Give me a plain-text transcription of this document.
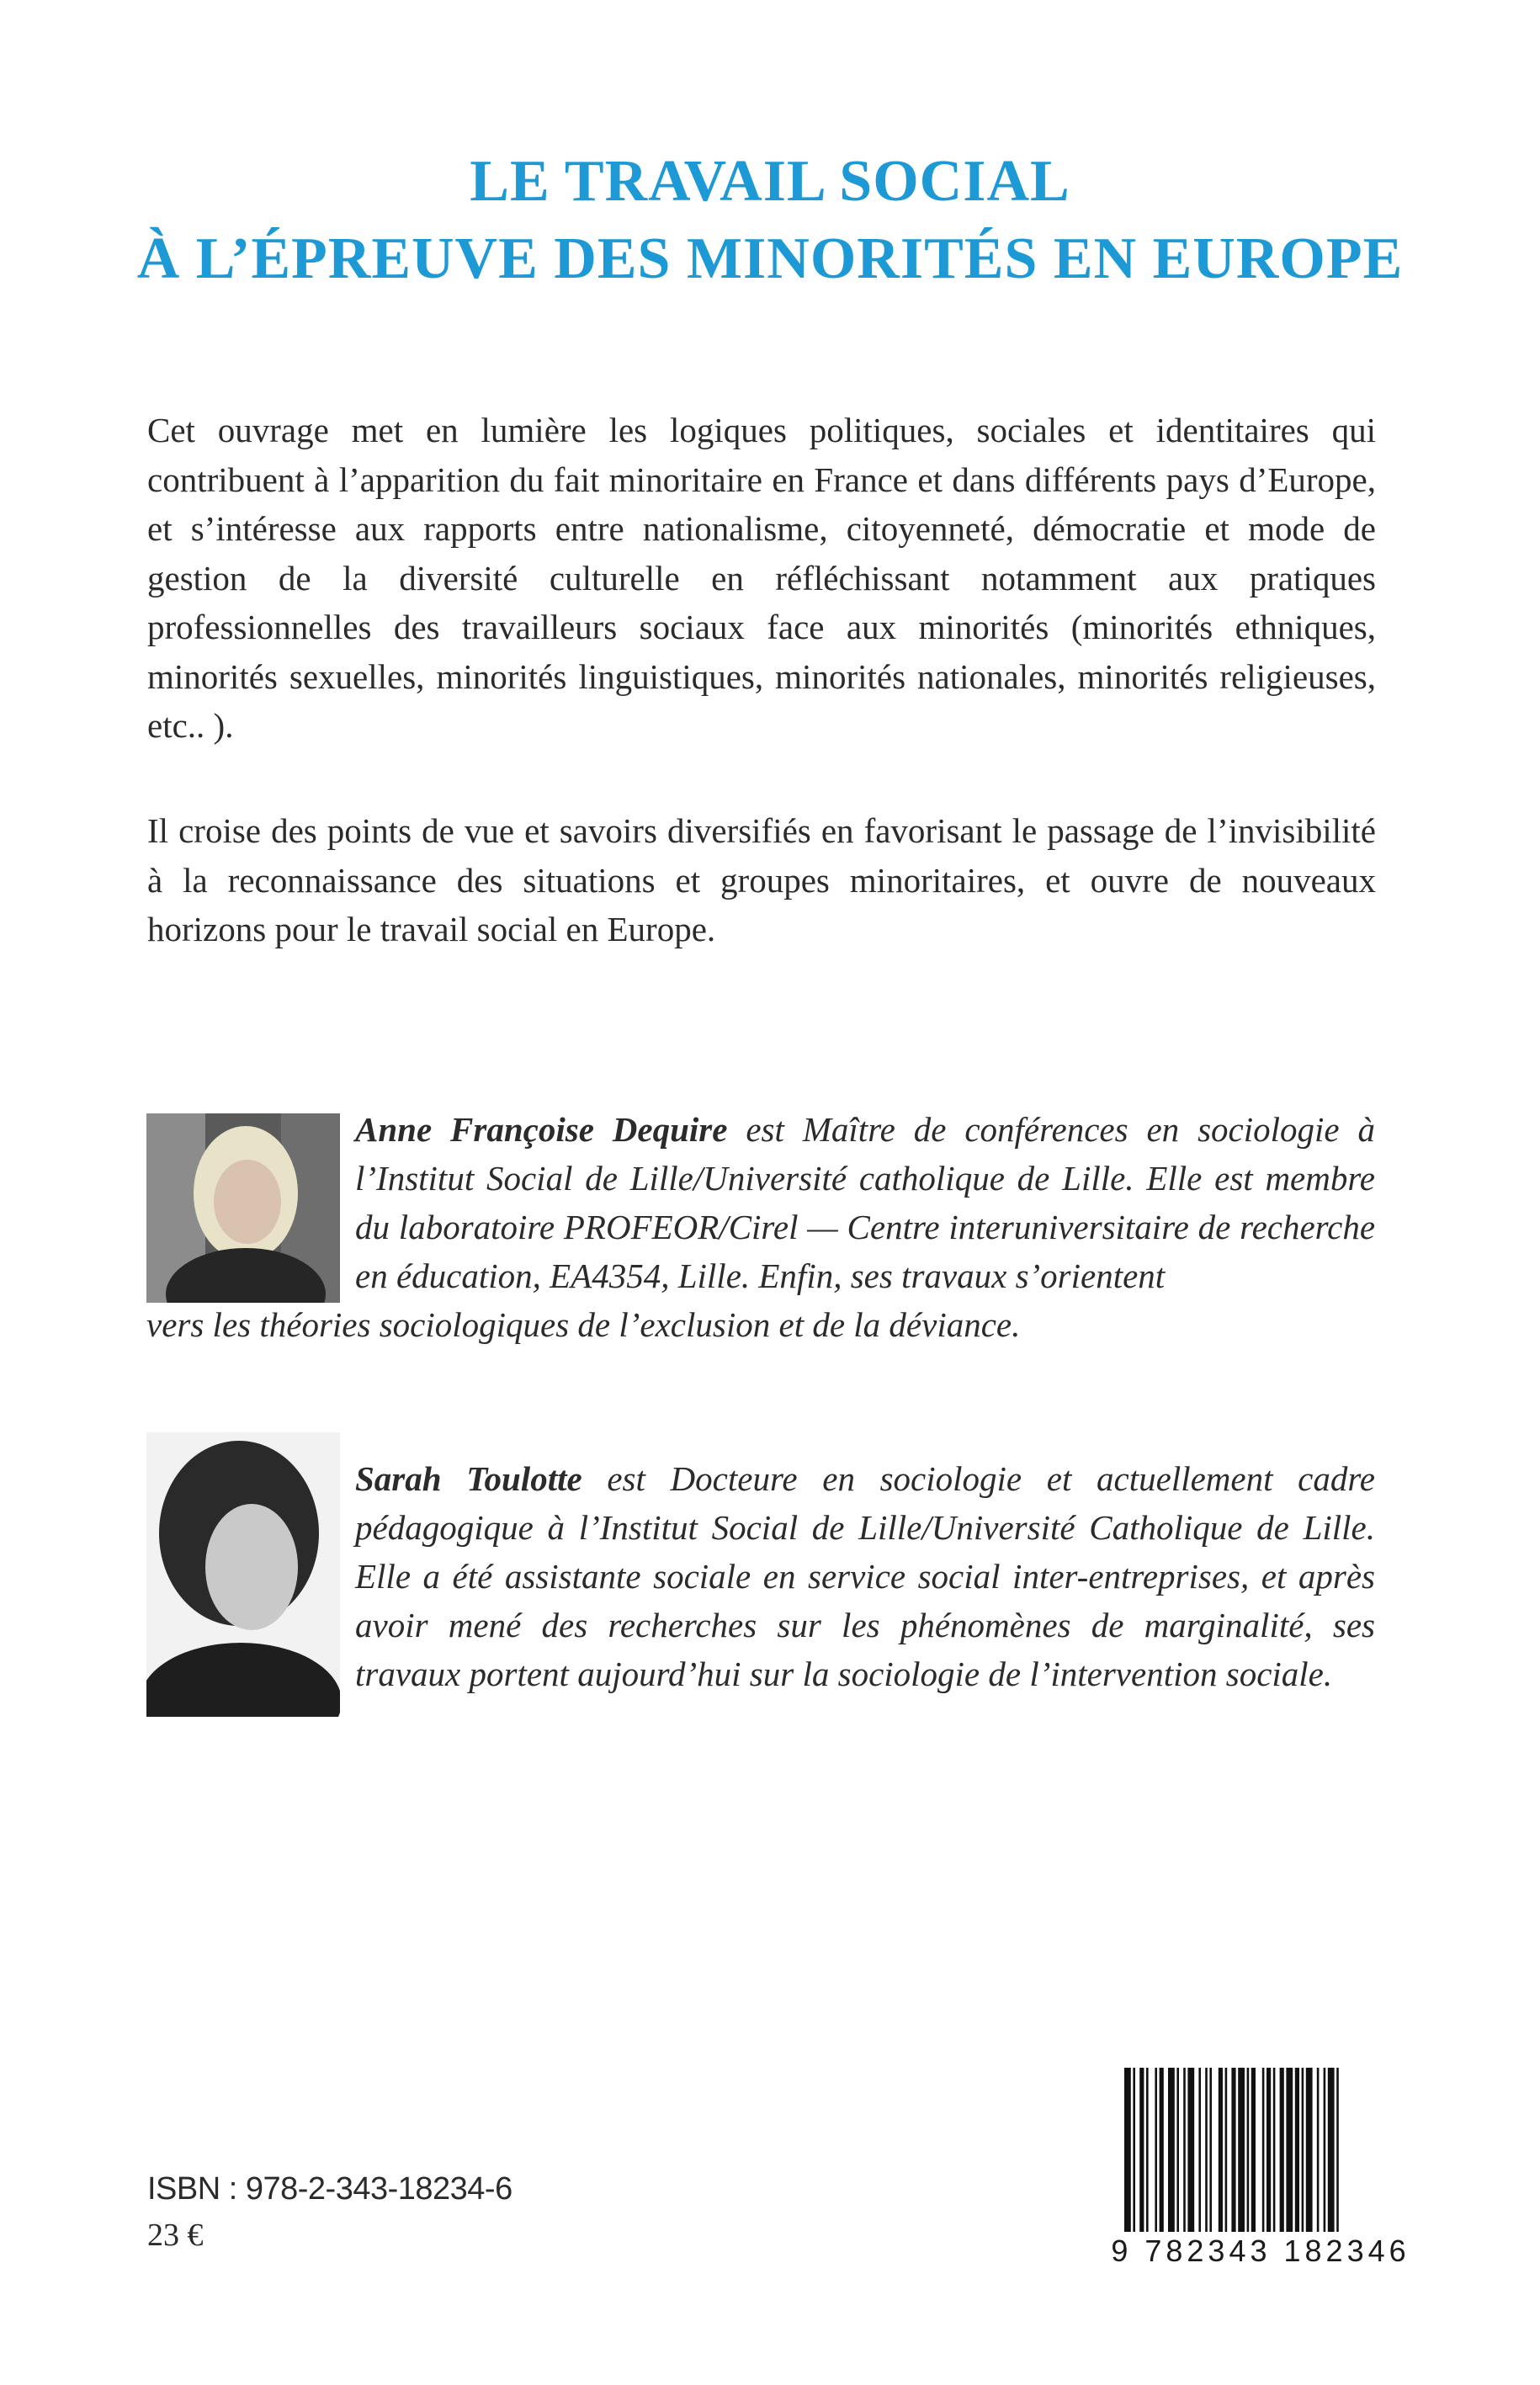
LE TRAVAIL SOCIAL
À L’ÉPREUVE DES MINORITÉS EN EUROPE
Cet ouvrage met en lumière les logiques politiques, sociales et identitaires qui contribuent à l’apparition du fait minoritaire en France et dans différents pays d’Europe, et s’intéresse aux rapports entre nationalisme, citoyenneté, démocratie et mode de gestion de la diversité culturelle en réfléchissant notamment aux pratiques professionnelles des travailleurs sociaux face aux minorités (minorités ethniques, minorités sexuelles, minorités linguistiques, minorités nationales, minorités religieuses, etc.. ).
Il croise des points de vue et savoirs diversifiés en favorisant le passage de l’invisibilité à la reconnaissance des situations et groupes minoritaires, et ouvre de nouveaux horizons pour le travail social en Europe.
Anne Françoise Dequire est Maître de conférences en sociologie à l’Institut Social de Lille/Université catholique de Lille. Elle est membre du laboratoire PROFEOR/Cirel — Centre interuniversitaire de recherche en éducation, EA4354, Lille. Enfin, ses travaux s’orientent
vers les théories sociologiques de l’exclusion et de la déviance.
Sarah Toulotte est Docteure en sociologie et actuellement cadre pédagogique à l’Institut Social de Lille/Université Catholique de Lille. Elle a été assistante sociale en service social inter-entreprises, et après avoir mené des recherches sur les phénomènes de marginalité, ses travaux portent aujourd’hui sur la sociologie de l’intervention sociale.
ISBN : 978-2-343-18234-6
23 €	9 782343 182346
